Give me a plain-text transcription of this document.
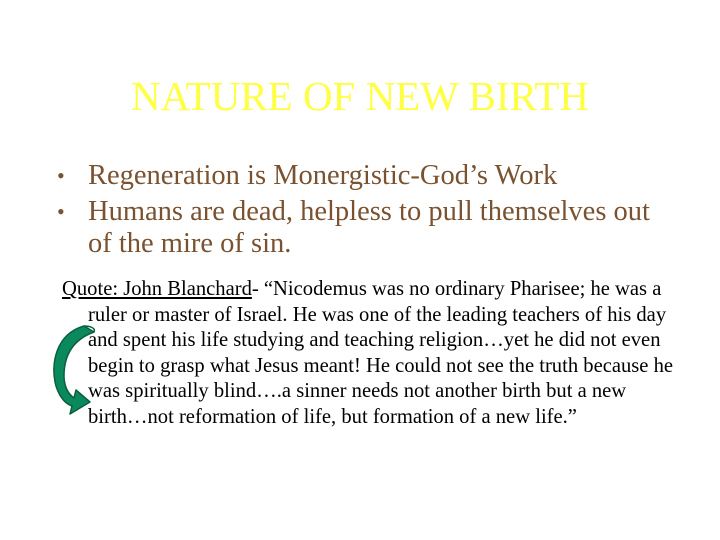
NATURE OF NEW BIRTH
• Regeneration is Monergistic-God’s Work
• Humans are dead, helpless to pull themselves out of the mire of sin.
Quote: John Blanchard- “Nicodemus was no ordinary Pharisee; he was a ruler or master of Israel. He was one of the leading teachers of his day and spent his life studying and teaching religion…yet he did not even begin to grasp what Jesus meant! He could not see the truth because he was spiritually blind….a sinner needs not another birth but a new birth…not reformation of life, but formation of a new life.”
